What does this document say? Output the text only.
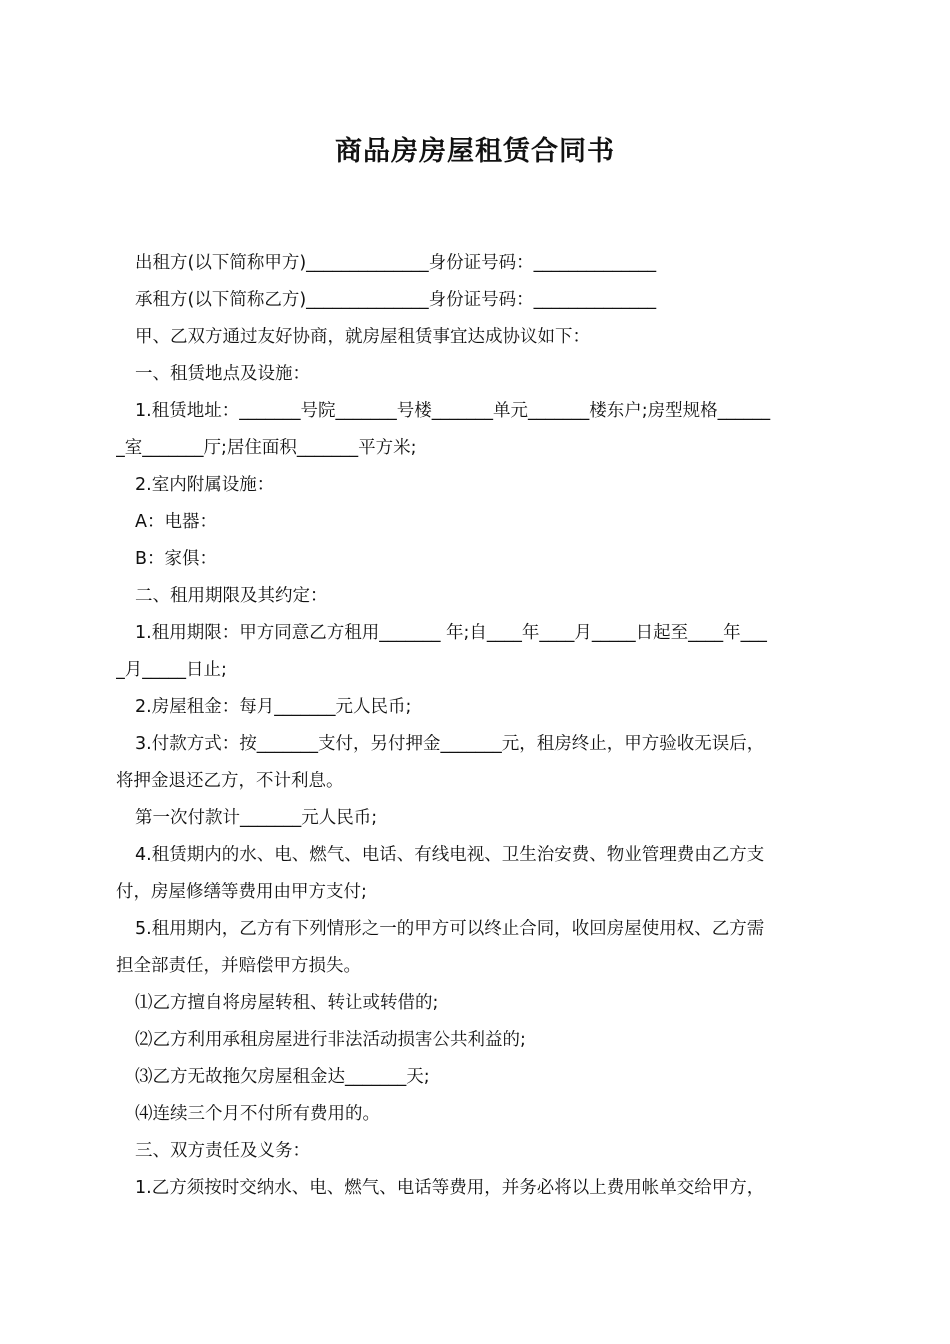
商品房房屋租赁合同书

出租方(以下简称甲方)______________身份证号码：______________

承租方(以下简称乙方)______________身份证号码：______________

甲、乙双方通过友好协商，就房屋租赁事宜达成协议如下：

一、租赁地点及设施：

1.租赁地址：_______号院_______号楼_______单元_______楼东户;房型规格______

_室_______厅;居住面积_______平方米;

2.室内附属设施：

A：电器：

B：家俱：

二、租用期限及其约定：

1.租用期限：甲方同意乙方租用_______ 年;自____年____月_____日起至____年___

_月_____日止;

2.房屋租金：每月_______元人民币;

3.付款方式：按_______支付，另付押金_______元，租房终止，甲方验收无误后，

将押金退还乙方，不计利息。

第一次付款计_______元人民币;

4.租赁期内的水、电、燃气、电话、有线电视、卫生治安费、物业管理费由乙方支

付，房屋修缮等费用由甲方支付;

5.租用期内，乙方有下列情形之一的甲方可以终止合同，收回房屋使用权、乙方需

担全部责任，并赔偿甲方损失。

⑴乙方擅自将房屋转租、转让或转借的;

⑵乙方利用承租房屋进行非法活动损害公共利益的;

⑶乙方无故拖欠房屋租金达_______天;

⑷连续三个月不付所有费用的。

三、双方责任及义务：

1.乙方须按时交纳水、电、燃气、电话等费用，并务必将以上费用帐单交给甲方，
